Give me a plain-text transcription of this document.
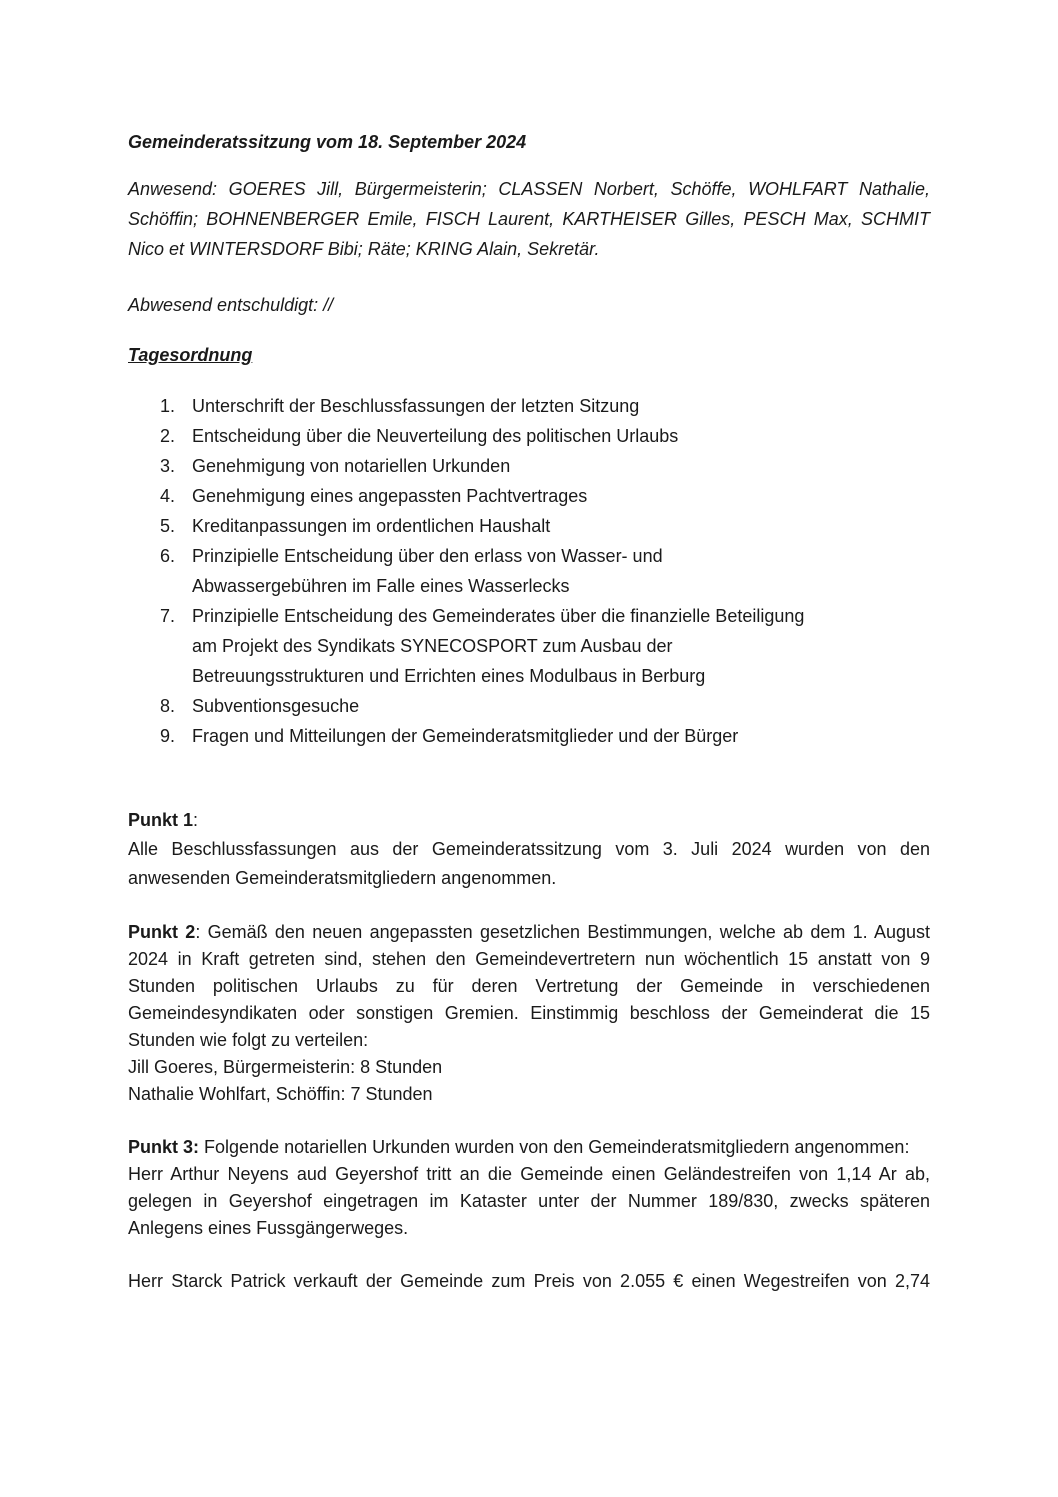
Gemeinderatssitzung vom 18. September 2024
Anwesend: GOERES Jill, Bürgermeisterin; CLASSEN Norbert, Schöffe, WOHLFART Nathalie, Schöffin; BOHNENBERGER Emile, FISCH Laurent, KARTHEISER Gilles, PESCH Max, SCHMIT Nico et WINTERSDORF Bibi; Räte; KRING Alain, Sekretär.
Abwesend entschuldigt: //
Tagesordnung
1. Unterschrift der Beschlussfassungen der letzten Sitzung
2. Entscheidung über die Neuverteilung des politischen Urlaubs
3. Genehmigung von notariellen Urkunden
4. Genehmigung eines angepassten Pachtvertrages
5. Kreditanpassungen im ordentlichen Haushalt
6. Prinzipielle Entscheidung über den erlass von Wasser- und Abwassergebühren im Falle eines Wasserlecks
7. Prinzipielle Entscheidung des Gemeinderates über die finanzielle Beteiligung am Projekt des Syndikats SYNECOSPORT zum Ausbau der Betreuungsstrukturen und Errichten eines Modulbaus in Berburg
8. Subventionsgesuche
9. Fragen und Mitteilungen der Gemeinderatsmitglieder und der Bürger

Punkt 1:

Alle Beschlussfassungen aus der Gemeinderatssitzung vom 3. Juli 2024 wurden von den anwesenden Gemeinderatsmitgliedern angenommen.

Punkt 2: Gemäß den neuen angepassten gesetzlichen Bestimmungen, welche ab dem 1. August 2024 in Kraft getreten sind, stehen den Gemeindevertretern nun wöchentlich 15 anstatt von 9 Stunden politischen Urlaubs zu für deren Vertretung der Gemeinde in verschiedenen Gemeindesyndikaten oder sonstigen Gremien. Einstimmig beschloss der Gemeinderat die 15 Stunden wie folgt zu verteilen:

Jill Goeres, Bürgermeisterin: 8 Stunden

Nathalie Wohlfart, Schöffin: 7 Stunden

Punkt 3: Folgende notariellen Urkunden wurden von den Gemeinderatsmitgliedern angenommen:

Herr Arthur Neyens aud Geyershof tritt an die Gemeinde einen Geländestreifen von 1,14 Ar ab, gelegen in Geyershof eingetragen im Kataster unter der Nummer 189/830, zwecks späteren Anlegens eines Fussgängerweges.

Herr Starck Patrick verkauft der Gemeinde zum Preis von 2.055 € einen Wegestreifen von 2,74
